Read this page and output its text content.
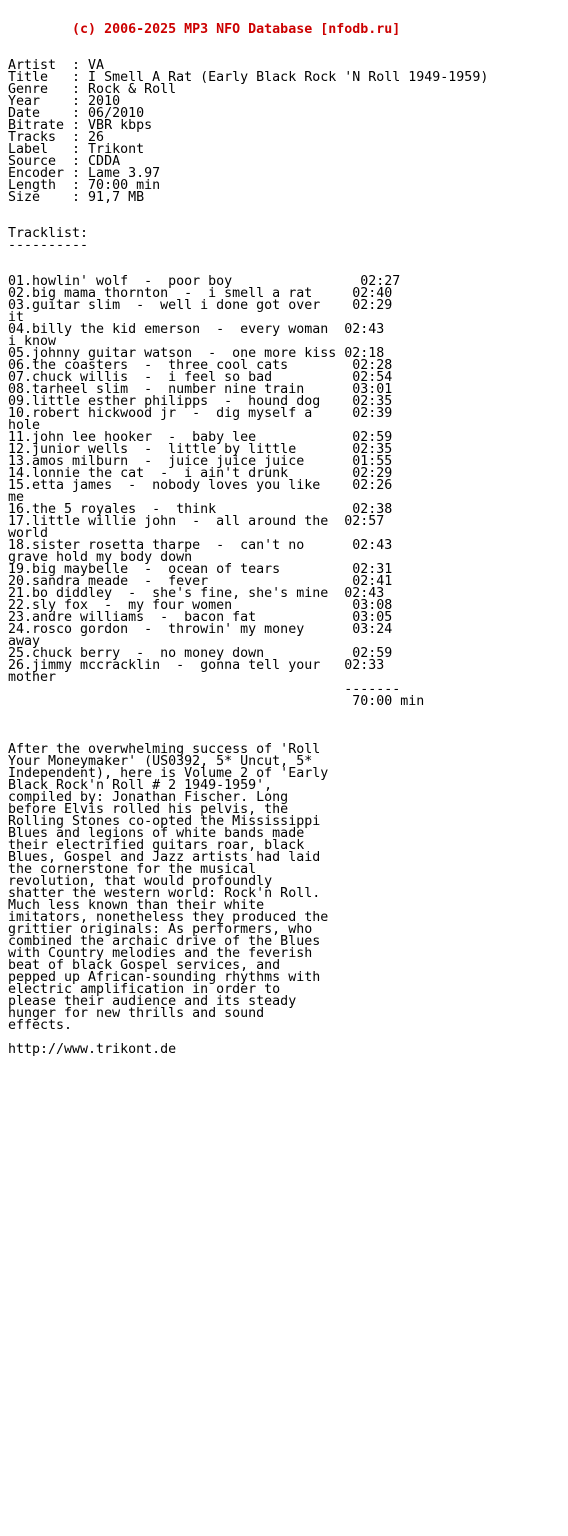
(c) 2006-2025 MP3 NFO Database [nfodb.ru]

Artist  : VA
Title   : I Smell A Rat (Early Black Rock 'N Roll 1949-1959)
Genre   : Rock & Roll
Year    : 2010
Date    : 06/2010
Bitrate : VBR kbps
Tracks  : 26
Label   : Trikont
Source  : CDDA
Encoder : Lame 3.97
Length  : 70:00 min
Size    : 91,7 MB
Tracklist:
----------
01.howlin' wolf  -  poor boy                02:27
02.big mama thornton  -  i smell a rat     02:40
03.guitar slim  -  well i done got over    02:29
it
04.billy the kid emerson  -  every woman  02:43
i know
05.johnny guitar watson  -  one more kiss 02:18
06.the coasters  -  three cool cats        02:28
07.chuck willis  -  i feel so bad          02:54
08.tarheel slim  -  number nine train      03:01
09.little esther philipps  -  hound dog    02:35
10.robert hickwood jr  -  dig myself a     02:39
hole
11.john lee hooker  -  baby lee            02:59
12.junior wells  -  little by little       02:35
13.amos milburn  -  juice juice juice      01:55
14.lonnie the cat  -  i ain't drunk        02:29
15.etta james  -  nobody loves you like    02:26
me
16.the 5 royales  -  think                 02:38
17.little willie john  -  all around the  02:57
world
18.sister rosetta tharpe  -  can't no      02:43
grave hold my body down
19.big maybelle  -  ocean of tears         02:31
20.sandra meade  -  fever                  02:41
21.bo diddley  -  she's fine, she's mine  02:43
22.sly fox  -  my four women               03:08
23.andre williams  -  bacon fat            03:05
24.rosco gordon  -  throwin' my money      03:24
away
25.chuck berry  -  no money down           02:59
26.jimmy mccracklin  -  gonna tell your   02:33
mother
-------
70:00 min
After the overwhelming success of 'Roll
Your Moneymaker' (US0392, 5* Uncut, 5*
Independent), here is Volume 2 of 'Early
Black Rock'n Roll # 2 1949-1959',
compiled by: Jonathan Fischer. Long
before Elvis rolled his pelvis, the
Rolling Stones co-opted the Mississippi
Blues and legions of white bands made
their electrified guitars roar, black
Blues, Gospel and Jazz artists had laid
the cornerstone for the musical
revolution, that would profoundly
shatter the western world: Rock'n Roll.
Much less known than their white
imitators, nonetheless they produced the
grittier originals: As performers, who
combined the archaic drive of the Blues
with Country melodies and the feverish
beat of black Gospel services, and
pepped up African-sounding rhythms with
electric amplification in order to
please their audience and its steady
hunger for new thrills and sound
effects.
http://www.trikont.de
